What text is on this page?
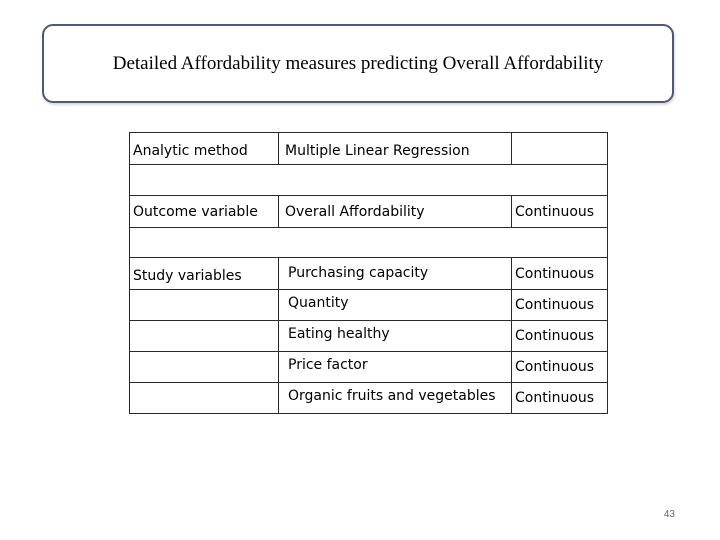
Detailed Affordability measures predicting Overall Affordability
Analytic method	Multiple Linear Regression	

Outcome variable	Overall Affordability	Continuous

Study variables	Purchasing capacity	Continuous
	Quantity	Continuous
	Eating healthy	Continuous
	Price factor	Continuous
	Organic fruits and vegetables	Continuous
43
